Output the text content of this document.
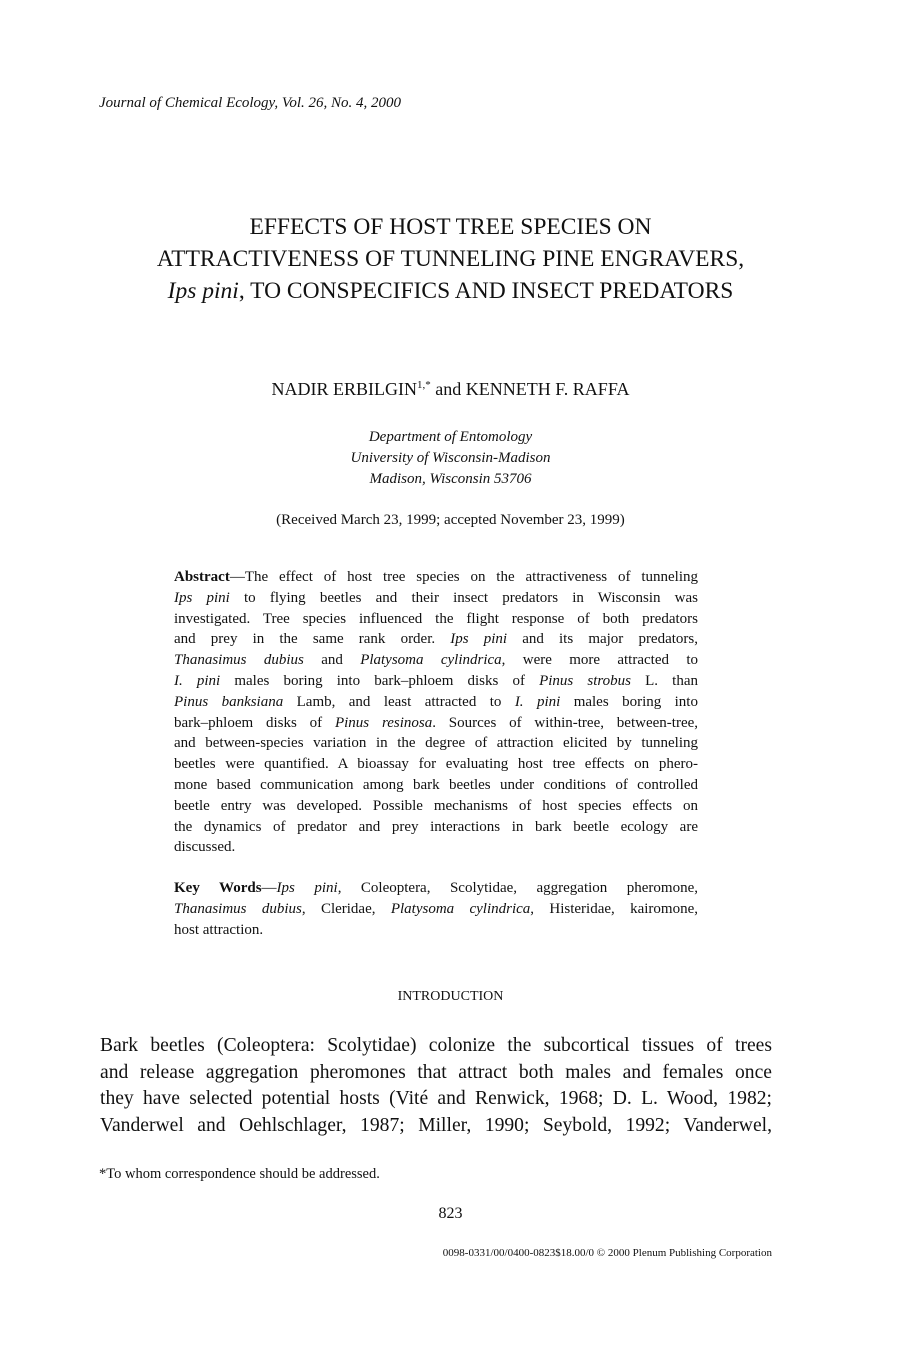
Journal of Chemical Ecology, Vol. 26, No. 4, 2000
EFFECTS OF HOST TREE SPECIES ON
ATTRACTIVENESS OF TUNNELING PINE ENGRAVERS,
Ips pini, TO CONSPECIFICS AND INSECT PREDATORS
NADIR $ERBILGIN^{1,*}$ and KENNETH F. RAFFA
Department of Entomology
University of Wisconsin-Madison
Madison, Wisconsin 53706
(Received March 23, 1999; accepted November 23, 1999)
Abstract—The effect of host tree species on the attractiveness of tunneling
Ips pini to flying beetles and their insect predators in Wisconsin was
investigated. Tree species influenced the flight response of both predators
and prey in the same rank order. Ips pini and its major predators,
Thanasimus dubius and Platysoma cylindrica, were more attracted to
I. pini males boring into bark–phloem disks of Pinus strobus L. than
Pinus banksiana Lamb, and least attracted to I. pini males boring into
bark–phloem disks of Pinus resinosa. Sources of within-tree, between-tree,
and between-species variation in the degree of attraction elicited by tunneling
beetles were quantified. A bioassay for evaluating host tree effects on phero-
mone based communication among bark beetles under conditions of controlled
beetle entry was developed. Possible mechanisms of host species effects on
the dynamics of predator and prey interactions in bark beetle ecology are
discussed.
Key Words—Ips pini, Coleoptera, Scolytidae, aggregation pheromone,
Thanasimus dubius, Cleridae, Platysoma cylindrica, Histeridae, kairomone,
host attraction.
INTRODUCTION
Bark beetles (Coleoptera: Scolytidae) colonize the subcortical tissues of trees
and release aggregation pheromones that attract both males and females once
they have selected potential hosts (Vité and Renwick, 1968; D. L. Wood, 1982;
Vanderwel and Oehlschlager, 1987; Miller, 1990; Seybold, 1992; Vanderwel,
*To whom correspondence should be addressed.
823
0098-0331/00/0400-0823$18.00/0 © 2000 Plenum Publishing Corporation
